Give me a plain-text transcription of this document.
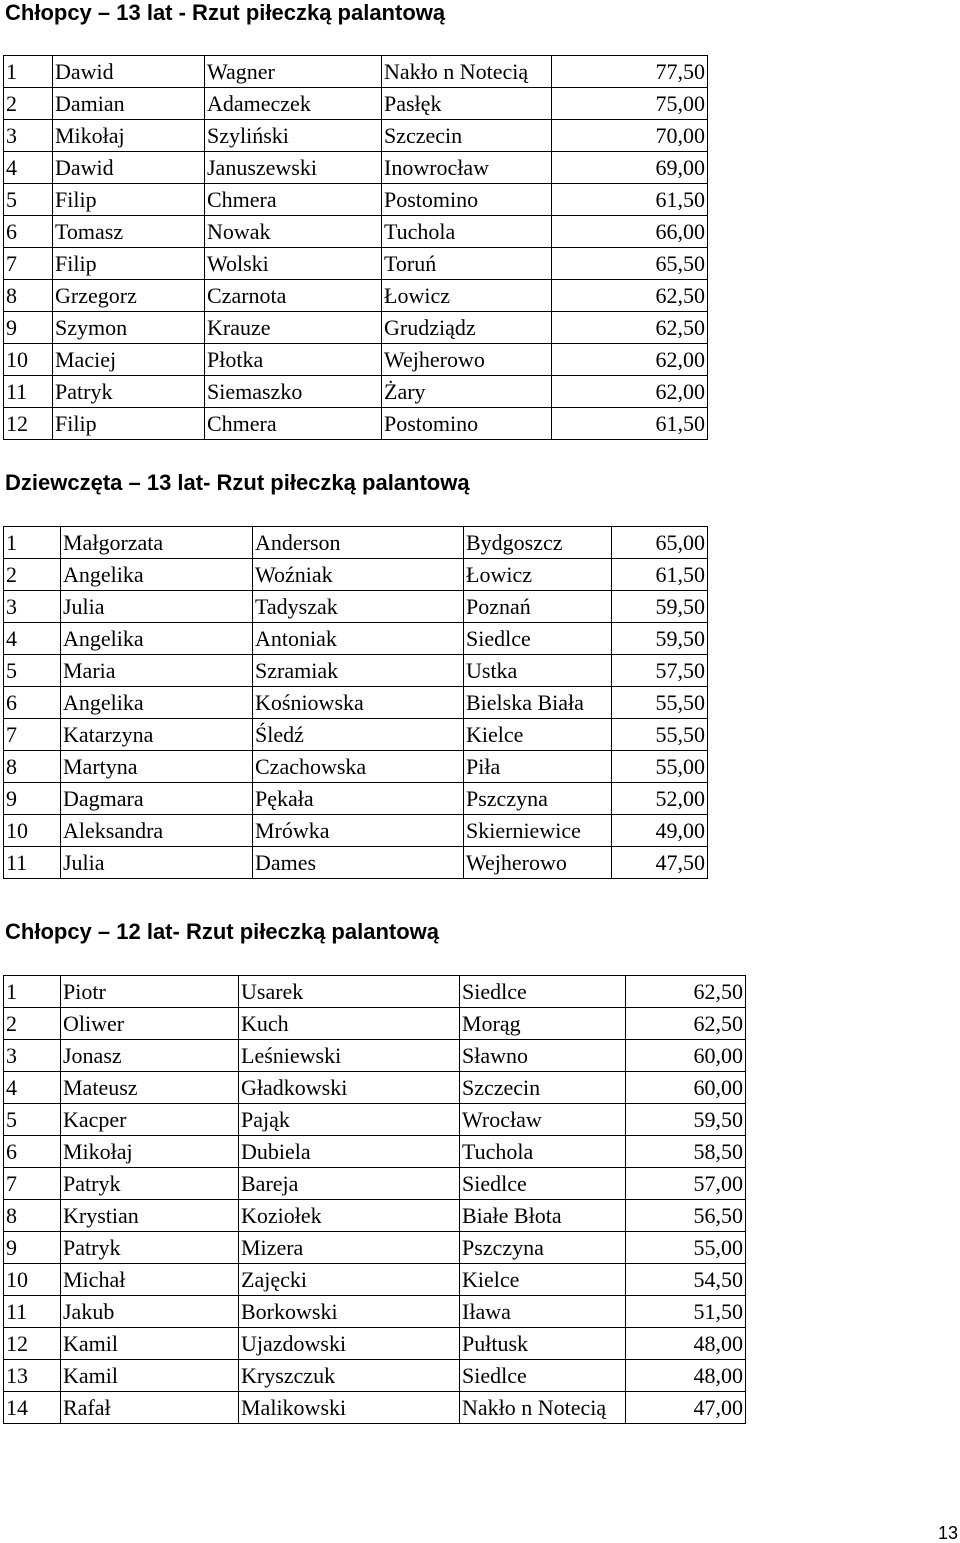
Chłopcy – 13 lat - Rzut piłeczką palantową
1	Dawid	Wagner	Nakło n Notecią	77,50
2	Damian	Adameczek	Pasłęk	75,00
3	Mikołaj	Szyliński	Szczecin	70,00
4	Dawid	Januszewski	Inowrocław	69,00
5	Filip	Chmera	Postomino	61,50
6	Tomasz	Nowak	Tuchola	66,00
7	Filip	Wolski	Toruń	65,50
8	Grzegorz	Czarnota	Łowicz	62,50
9	Szymon	Krauze	Grudziądz	62,50
10	Maciej	Płotka	Wejherowo	62,00
11	Patryk	Siemaszko	Żary	62,00
12	Filip	Chmera	Postomino	61,50
Dziewczęta – 13 lat- Rzut piłeczką palantową
1	Małgorzata	Anderson	Bydgoszcz	65,00
2	Angelika	Woźniak	Łowicz	61,50
3	Julia	Tadyszak	Poznań	59,50
4	Angelika	Antoniak	Siedlce	59,50
5	Maria	Szramiak	Ustka	57,50
6	Angelika	Kośniowska	Bielska Biała	55,50
7	Katarzyna	Śledź	Kielce	55,50
8	Martyna	Czachowska	Piła	55,00
9	Dagmara	Pękała	Pszczyna	52,00
10	Aleksandra	Mrówka	Skierniewice	49,00
11	Julia	Dames	Wejherowo	47,50
Chłopcy – 12 lat- Rzut piłeczką palantową
1	Piotr	Usarek	Siedlce	62,50
2	Oliwer	Kuch	Morąg	62,50
3	Jonasz	Leśniewski	Sławno	60,00
4	Mateusz	Gładkowski	Szczecin	60,00
5	Kacper	Pająk	Wrocław	59,50
6	Mikołaj	Dubiela	Tuchola	58,50
7	Patryk	Bareja	Siedlce	57,00
8	Krystian	Koziołek	Białe Błota	56,50
9	Patryk	Mizera	Pszczyna	55,00
10	Michał	Zajęcki	Kielce	54,50
11	Jakub	Borkowski	Iława	51,50
12	Kamil	Ujazdowski	Pułtusk	48,00
13	Kamil	Kryszczuk	Siedlce	48,00
14	Rafał	Malikowski	Nakło n Notecią	47,00
13
